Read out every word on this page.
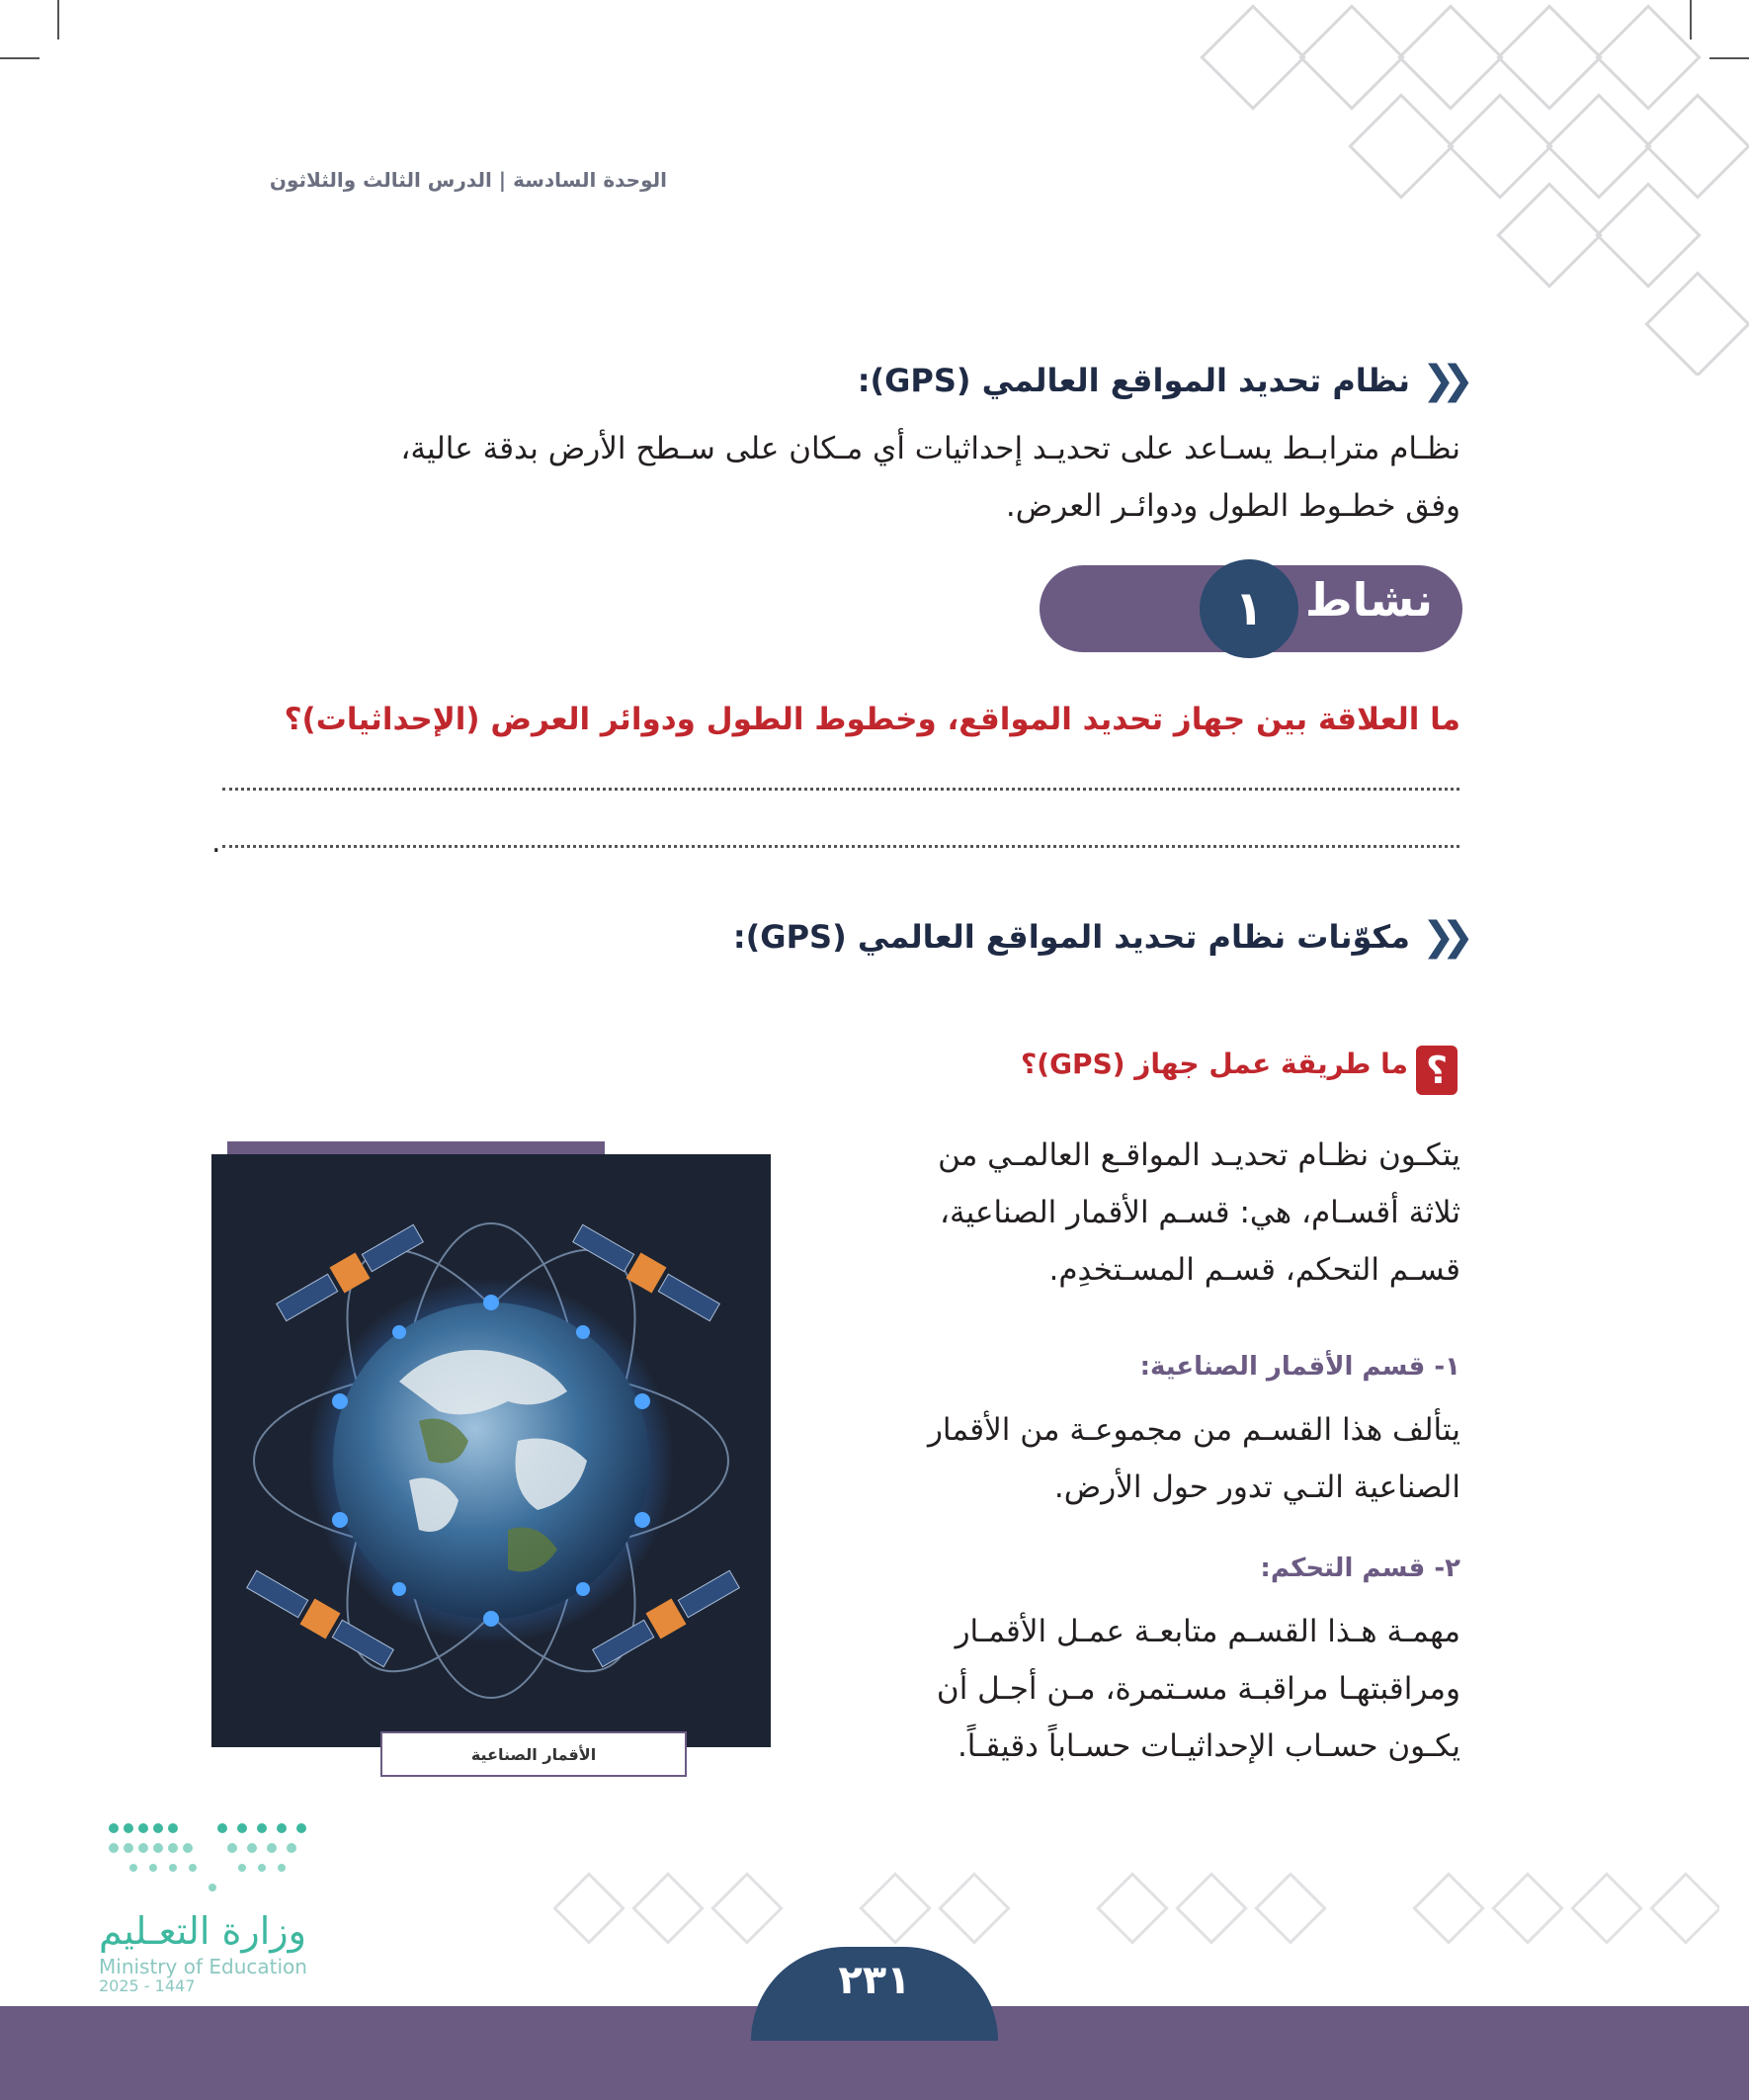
الوحدة السادسة | الدرس الثالث والثلاثون
❮❮
نظام تحديد المواقع العالمي (GPS):
نظـام مترابـط يسـاعد على تحديـد إحداثيات أي مـكان على سـطح الأرض بدقة عالية،
وفق خطـوط الطول ودوائـر العرض.
نشاط
١
ما العلاقة بين جهاز تحديد المواقع، وخطوط الطول ودوائر العرض (الإحداثيات)؟
.
❮❮
مكوّنات نظام تحديد المواقع العالمي (GPS):
؟
ما طريقة عمل جهاز (GPS)؟
يتكـون نظـام تحديـد المواقـع العالمـي من
ثلاثة أقسـام، هي: قسـم الأقمار الصناعية،
قسـم التحكم، قسـم المسـتخدِم.
١- قسم الأقمار الصناعية:
يتألف هذا القسـم من مجموعـة من الأقمار
الصناعية التـي تدور حول الأرض.
٢- قسم التحكم:
مهمـة هـذا القسـم متابعـة عمـل الأقمـار
ومراقبتهـا مراقبـة مسـتمرة، مـن أجـل أن
يكـون حسـاب الإحداثيـات حسـاباً دقيقـاً.
الأقمار الصناعية
وزارة التعـليم
Ministry of Education
2025 - 1447	٢٣١
